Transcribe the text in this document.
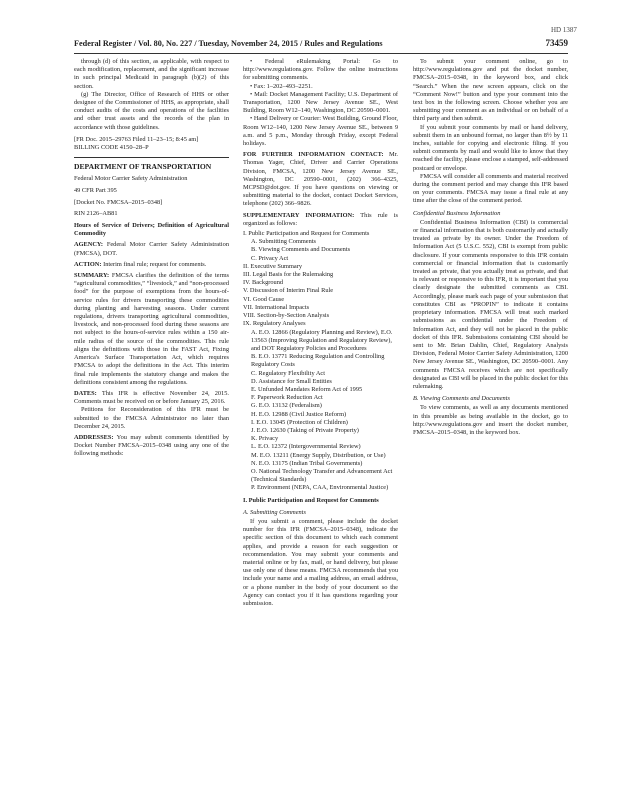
HD 1387
Federal Register / Vol. 80, No. 227 / Tuesday, November 24, 2015 / Rules and Regulations	73459

through (d) of this section, as applicable, with respect to each modification, replacement, and the significant increase in such principal Medicaid in paragraph (b)(2) of this section.

(g) The Director, Office of Research of HHS or other designee of the Commissioner of HHS, as appropriate, shall conduct audits of the costs and operations of the facilities and other trust assets and the records of the plan in accordance with those guidelines.

[FR Doc. 2015–29763 Filed 11–23–15; 8:45 am]

BILLING CODE 4150–28–P

DEPARTMENT OF TRANSPORTATION

Federal Motor Carrier Safety Administration

49 CFR Part 395

[Docket No. FMCSA–2015–0348]

RIN 2126–AB81

Hours of Service of Drivers; Definition of Agricultural Commodity

AGENCY: Federal Motor Carrier Safety Administration (FMCSA), DOT.

ACTION: Interim final rule; request for comments.

SUMMARY: FMCSA clarifies the definition of the terms “agricultural commodities,” “livestock,” and “non-processed food” for the purpose of exemptions from the hours-of-service rules for drivers transporting these commodities during planting and harvesting seasons. Under current regulations, drivers transporting agricultural commodities, livestock, and non-processed food during these seasons are not subject to the hours-of-service rules within a 150 air-mile radius of the source of the commodities. This rule aligns the definitions with those in the FAST Act, Fixing America's Surface Transportation Act, which requires FMCSA to adopt the definitions in the Act. This interim final rule implements the statutory change and makes the definitions consistent among the regulations.

DATES: This IFR is effective November 24, 2015. Comments must be received on or before January 25, 2016.

Petitions for Reconsideration of this IFR must be submitted to the FMCSA Administrator no later than December 24, 2015.

ADDRESSES: You may submit comments identified by Docket Number FMCSA–2015–0348 using any one of the following methods:

• Federal eRulemaking Portal: Go to http://www.regulations.gov. Follow the online instructions for submitting comments.

• Fax: 1–202–493–2251.

• Mail: Docket Management Facility; U.S. Department of Transportation, 1200 New Jersey Avenue SE., West Building, Room W12–140, Washington, DC 20590–0001.

• Hand Delivery or Courier: West Building, Ground Floor, Room W12–140, 1200 New Jersey Avenue SE., between 9 a.m. and 5 p.m., Monday through Friday, except Federal holidays.

FOR FURTHER INFORMATION CONTACT: Mr. Thomas Yager, Chief, Driver and Carrier Operations Division, FMCSA, 1200 New Jersey Avenue SE., Washington, DC 20590–0001, (202) 366–4325, MCPSD@dot.gov. If you have questions on viewing or submitting material to the docket, contact Docket Services, telephone (202) 366–9826.

SUPPLEMENTARY INFORMATION: This rule is organized as follows:

I. Public Participation and Request for Comments
A. Submitting Comments
B. Viewing Comments and Documents
C. Privacy Act
II. Executive Summary
III. Legal Basis for the Rulemaking
IV. Background
V. Discussion of Interim Final Rule
VI. Good Cause
VII. International Impacts
VIII. Section-by-Section Analysis
IX. Regulatory Analyses
A. E.O. 12866 (Regulatory Planning and Review), E.O. 13563 (Improving Regulation and Regulatory Review), and DOT Regulatory Policies and Procedures
B. E.O. 13771 Reducing Regulation and Controlling Regulatory Costs
C. Regulatory Flexibility Act
D. Assistance for Small Entities
E. Unfunded Mandates Reform Act of 1995
F. Paperwork Reduction Act
G. E.O. 13132 (Federalism)
H. E.O. 12988 (Civil Justice Reform)
I. E.O. 13045 (Protection of Children)
J. E.O. 12630 (Taking of Private Property)
K. Privacy
L. E.O. 12372 (Intergovernmental Review)
M. E.O. 13211 (Energy Supply, Distribution, or Use)
N. E.O. 13175 (Indian Tribal Governments)
O. National Technology Transfer and Advancement Act (Technical Standards)
P. Environment (NEPA, CAA, Environmental Justice)

I. Public Participation and Request for Comments

A. Submitting Comments

If you submit a comment, please include the docket number for this IFR (FMCSA–2015–0348), indicate the specific section of this document to which each comment applies, and provide a reason for each suggestion or recommendation. You may submit your comments and material online or by fax, mail, or hand delivery, but please use only one of these means. FMCSA recommends that you include your name and a mailing address, an email address, or a phone number in the body of your document so the Agency can contact you if it has questions regarding your submission.

To submit your comment online, go to http://www.regulations.gov and put the docket number, FMCSA–2015–0348, in the keyword box, and click “Search.” When the new screen appears, click on the “Comment Now!” button and type your comment into the text box in the following screen. Choose whether you are submitting your comment as an individual or on behalf of a third party and then submit.

If you submit your comments by mail or hand delivery, submit them in an unbound format, no larger than 8½ by 11 inches, suitable for copying and electronic filing. If you submit comments by mail and would like to know that they reached the facility, please enclose a stamped, self-addressed postcard or envelope.

FMCSA will consider all comments and material received during the comment period and may change this IFR based on your comments. FMCSA may issue a final rule at any time after the close of the comment period.

Confidential Business Information

Confidential Business Information (CBI) is commercial or financial information that is both customarily and actually treated as private by its owner. Under the Freedom of Information Act (5 U.S.C. 552), CBI is exempt from public disclosure. If your comments responsive to this IFR contain commercial or financial information that is customarily treated as private, that you actually treat as private, and that is relevant or responsive to this IFR, it is important that you clearly designate the submitted comments as CBI. Accordingly, please mark each page of your submission that constitutes CBI as “PROPIN” to indicate it contains proprietary information. FMCSA will treat such marked submissions as confidential under the Freedom of Information Act, and they will not be placed in the public docket of this IFR. Submissions containing CBI should be sent to Mr. Brian Dahlin, Chief, Regulatory Analysis Division, Federal Motor Carrier Safety Administration, 1200 New Jersey Avenue SE., Washington, DC 20590–0001. Any comments FMCSA receives which are not specifically designated as CBI will be placed in the public docket for this rulemaking.

B. Viewing Comments and Documents

To view comments, as well as any documents mentioned in this preamble as being available in the docket, go to http://www.regulations.gov and insert the docket number, FMCSA–2015–0348, in the keyword box.
